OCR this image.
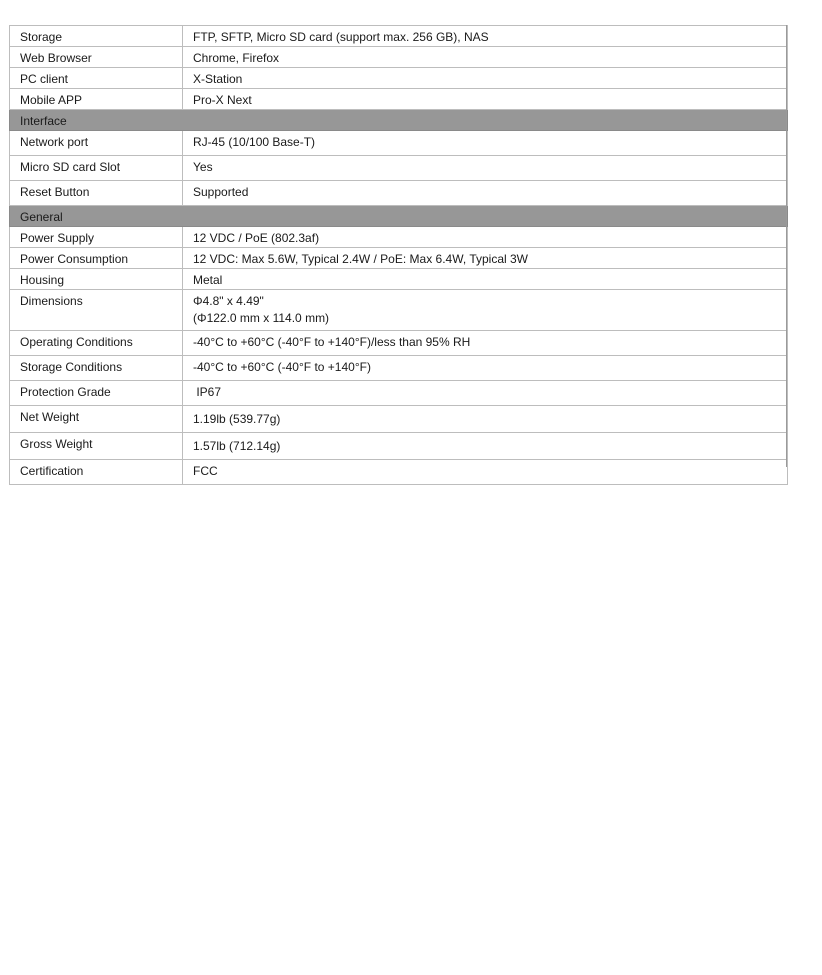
Storage	FTP, SFTP, Micro SD card (support max. 256 GB), NAS
Web Browser	Chrome, Firefox
PC client	X-Station
Mobile APP	Pro-X Next
Interface	
Network port	RJ-45 (10/100 Base-T)
Micro SD card Slot	Yes
Reset Button	Supported
General	
Power Supply	12 VDC / PoE (802.3af)
Power Consumption	12 VDC: Max 5.6W, Typical 2.4W / PoE: Max 6.4W, Typical 3W
Housing	Metal
Dimensions	Φ4.8" x 4.49"
(Φ122.0 mm x 114.0 mm)

Operating Conditions	-40°C to +60°C (-40°F to +140°F)/less than 95% RH
Storage Conditions	-40°C to +60°C (-40°F to +140°F)
Protection Grade	IP67
Net Weight	1.19lb (539.77g)
Gross Weight	1.57lb (712.14g)
Certification	FCC
